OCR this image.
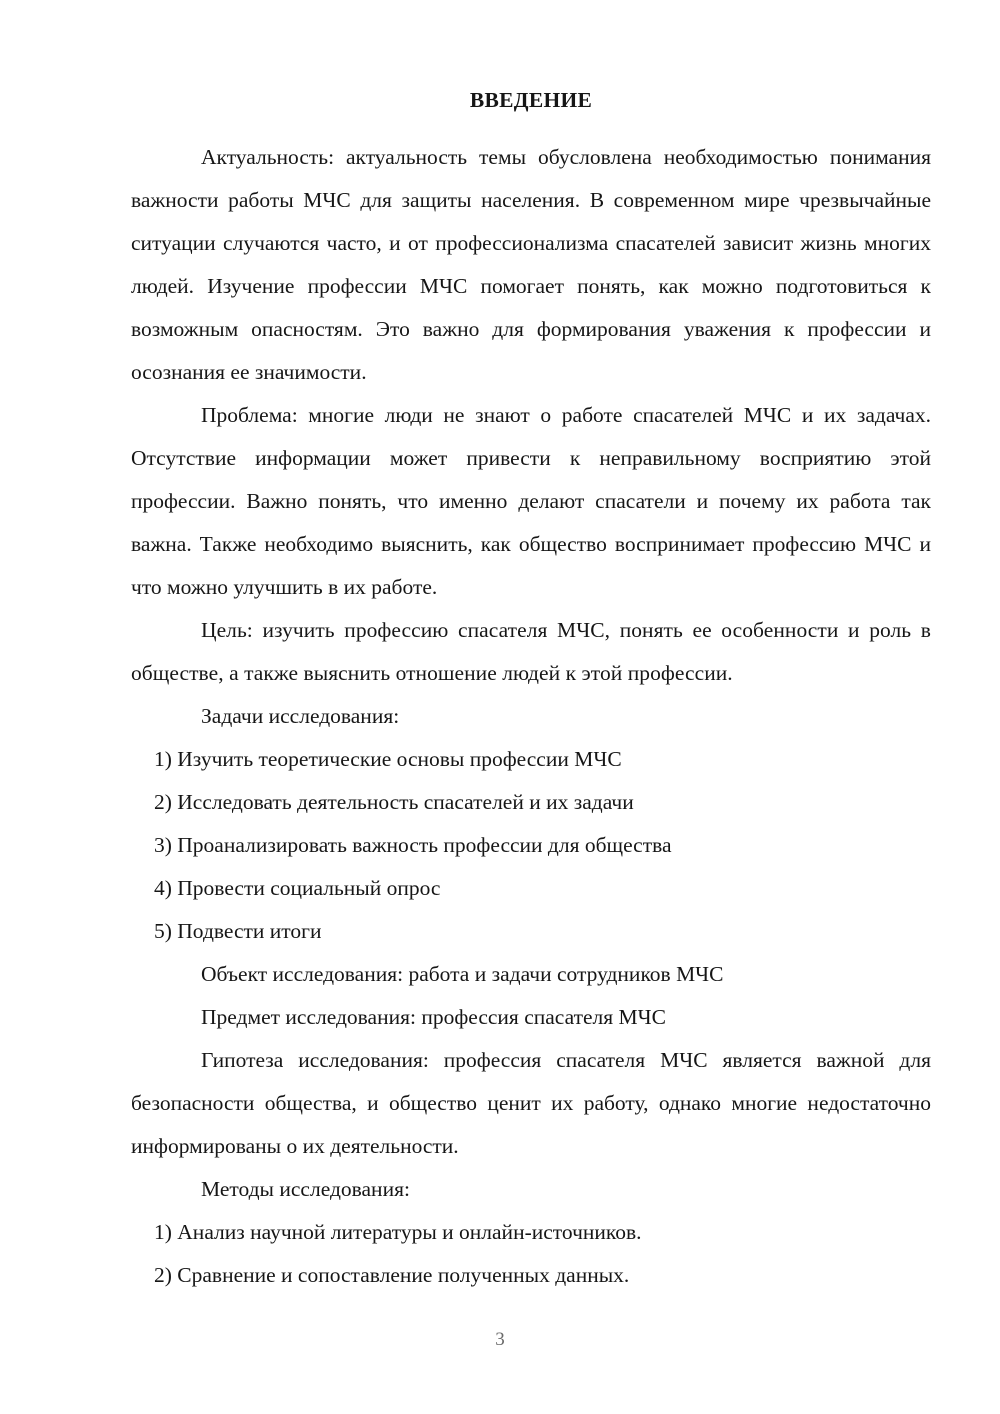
ВВЕДЕНИЕ

Актуальность: актуальность темы обусловлена необходимостью понимания важности работы МЧС для защиты населения. В современном мире чрезвычайные ситуации случаются часто, и от профессионализма спасателей зависит жизнь многих людей. Изучение профессии МЧС помогает понять, как можно подготовиться к возможным опасностям. Это важно для формирования уважения к профессии и осознания ее значимости.

Проблема: многие люди не знают о работе спасателей МЧС и их задачах. Отсутствие информации может привести к неправильному восприятию этой профессии. Важно понять, что именно делают спасатели и почему их работа так важна. Также необходимо выяснить, как общество воспринимает профессию МЧС и что можно улучшить в их работе.

Цель: изучить профессию спасателя МЧС, понять ее особенности и роль в обществе, а также выяснить отношение людей к этой профессии.

Задачи исследования:

1) Изучить теоретические основы профессии МЧС
2) Исследовать деятельность спасателей и их задачи
3) Проанализировать важность профессии для общества
4) Провести социальный опрос
5) Подвести итоги

Объект исследования: работа и задачи сотрудников МЧС

Предмет исследования: профессия спасателя МЧС

Гипотеза исследования: профессия спасателя МЧС является важной для безопасности общества, и общество ценит их работу, однако многие недостаточно информированы о их деятельности.

Методы исследования:

1) Анализ научной литературы и онлайн-источников.
2) Сравнение и сопоставление полученных данных.
3
